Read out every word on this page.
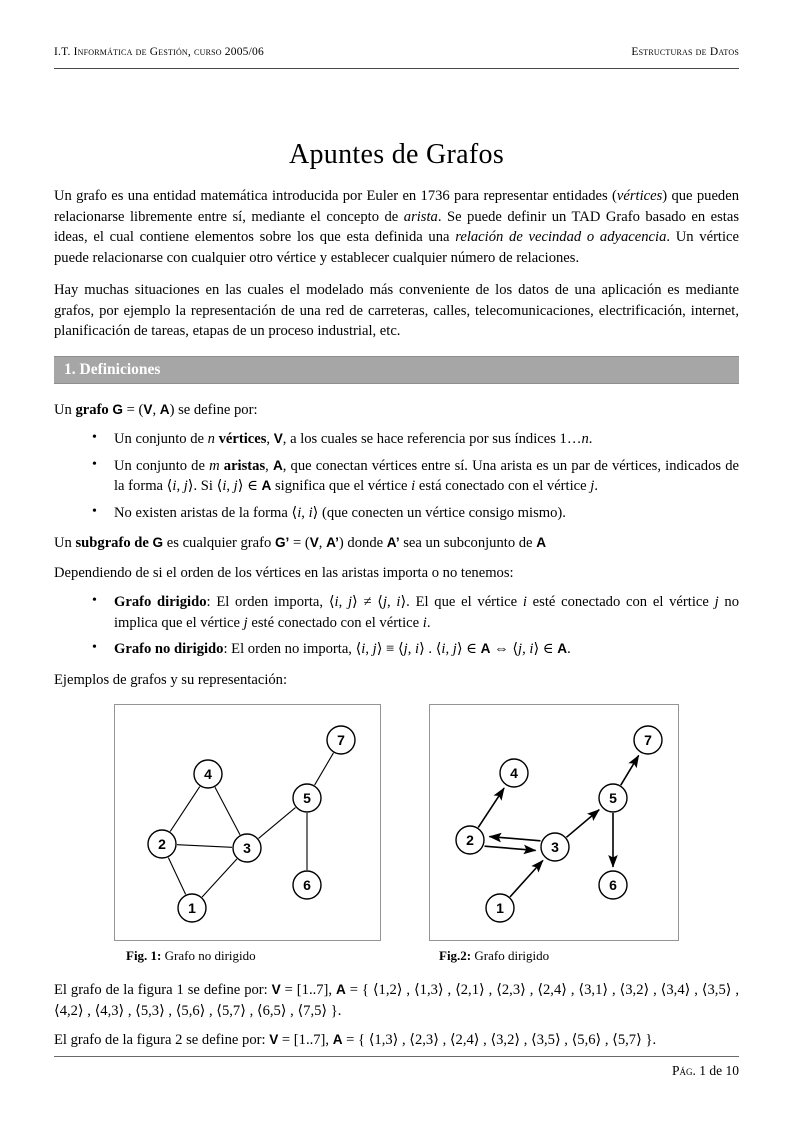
I.T. Informática de Gestión, curso 2005/06	Estructuras de Datos
Apuntes de Grafos

Un grafo es una entidad matemática introducida por Euler en 1736 para representar entidades (vértices) que pueden relacionarse libremente entre sí, mediante el concepto de arista. Se puede definir un TAD Grafo basado en estas ideas, el cual contiene elementos sobre los que esta definida una relación de vecindad o adyacencia. Un vértice puede relacionarse con cualquier otro vértice y establecer cualquier número de relaciones.

Hay muchas situaciones en las cuales el modelado más conveniente de los datos de una aplicación es mediante grafos, por ejemplo la representación de una red de carreteras, calles, telecomunicaciones, electrificación, internet, planificación de tareas, etapas de un proceso industrial, etc.

1. Definiciones

Un grafo G = (V, A) se define por:

• Un conjunto de n vértices, V, a los cuales se hace referencia por sus índices 1…n.
• Un conjunto de m aristas, A, que conectan vértices entre sí. Una arista es un par de vértices, indicados de la forma ⟨i, j⟩. Si ⟨i, j⟩ ∈ A significa que el vértice i está conectado con el vértice j.
• No existen aristas de la forma ⟨i, i⟩ (que conecten un vértice consigo mismo).

Un subgrafo de G es cualquier grafo G’ = (V, A’) donde A’ sea un subconjunto de A

Dependiendo de si el orden de los vértices en las aristas importa o no tenemos:

• Grafo dirigido: El orden importa, ⟨i, j⟩ ≠ ⟨j, i⟩. El que el vértice i esté conectado con el vértice j no implica que el vértice j esté conectado con el vértice i.
• Grafo no dirigido: El orden no importa, ⟨i, j⟩ ≡ ⟨j, i⟩ . ⟨i, j⟩ ∈ A ⇔ ⟨j, i⟩ ∈ A.

Ejemplos de grafos y su representación:

7
4
5
2	3
6
1
7
4
5
2	3
6
1
Fig. 1: Grafo no dirigido	Fig.2: Grafo dirigido

El grafo de la figura 1 se define por: V = [1..7], A = { ⟨1,2⟩ , ⟨1,3⟩ , ⟨2,1⟩ , ⟨2,3⟩ , ⟨2,4⟩ , ⟨3,1⟩ , ⟨3,2⟩ , ⟨3,4⟩ , ⟨3,5⟩ , ⟨4,2⟩ , ⟨4,3⟩ , ⟨5,3⟩ , ⟨5,6⟩ , ⟨5,7⟩ , ⟨6,5⟩ , ⟨7,5⟩ }.

El grafo de la figura 2 se define por: V = [1..7], A = { ⟨1,3⟩ , ⟨2,3⟩ , ⟨2,4⟩ , ⟨3,2⟩ , ⟨3,5⟩ , ⟨5,6⟩ , ⟨5,7⟩ }.

Pág. 1 de 10
